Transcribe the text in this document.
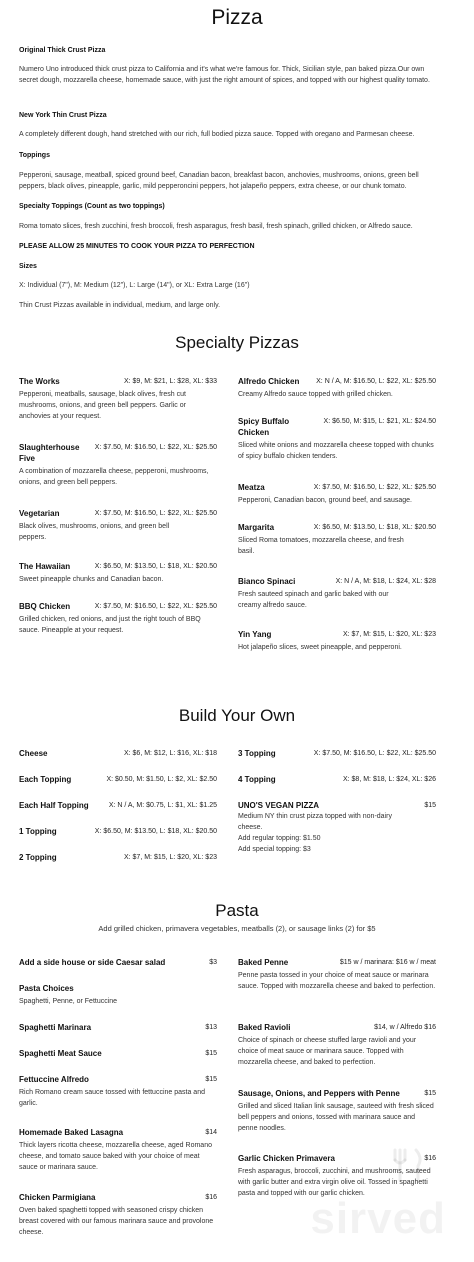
Pizza
Original Thick Crust Pizza
Numero Uno introduced thick crust pizza to California and it's what we're famous for. Thick, Sicilian style, pan baked pizza.Our own secret dough, mozzarella cheese, homemade sauce, with just the right amount of spices, and topped with our highest quality tomato.
New York Thin Crust Pizza
A completely different dough, hand stretched with our rich, full bodied pizza sauce. Topped with oregano and Parmesan cheese.
Toppings
Pepperoni, sausage, meatball, spiced ground beef, Canadian bacon, breakfast bacon, anchovies, mushrooms, onions, green bell peppers, black olives, pineapple, garlic, mild pepperoncini peppers, hot jalapeño peppers, extra cheese, or our chunk tomato.
Specialty Toppings (Count as two toppings)
Roma tomato slices, fresh zucchini, fresh broccoli, fresh asparagus, fresh basil, fresh spinach, grilled chicken, or Alfredo sauce.
PLEASE ALLOW 25 MINUTES TO COOK YOUR PIZZA TO PERFECTION
Sizes
X: Individual (7"), M: Medium (12"), L: Large (14"), or XL: Extra Large (16")
Thin Crust Pizzas available in individual, medium, and large only.
Specialty Pizzas
The Works	X: $9, M: $21, L: $28, XL: $33
Pepperoni, meatballs, sausage, black olives, fresh cut mushrooms, onions, and green bell peppers. Garlic or anchovies at your request.
Slaughterhouse Five
X: $7.50, M: $16.50, L: $22, XL: $25.50
A combination of mozzarella cheese, pepperoni, mushrooms, onions, and green bell peppers.
Vegetarian	X: $7.50, M: $16.50, L: $22, XL: $25.50
Black olives, mushrooms, onions, and green bell peppers.
The Hawaiian	X: $6.50, M: $13.50, L: $18, XL: $20.50
Sweet pineapple chunks and Canadian bacon.
BBQ Chicken	X: $7.50, M: $16.50, L: $22, XL: $25.50
Grilled chicken, red onions, and just the right touch of BBQ sauce. Pineapple at your request.
Alfredo Chicken X: N / A, M: $16.50, L: $22, XL: $25.50
Creamy Alfredo sauce topped with grilled chicken.
Spicy Buffalo Chicken
X: $6.50, M: $15, L: $21, XL: $24.50
Sliced white onions and mozzarella cheese topped with chunks of spicy buffalo chicken tenders.
Meatza	X: $7.50, M: $16.50, L: $22, XL: $25.50
Pepperoni, Canadian bacon, ground beef, and sausage.
Margarita	X: $6.50, M: $13.50, L: $18, XL: $20.50
Sliced Roma tomatoes, mozzarella cheese, and fresh basil.
Bianco Spinaci	X: N / A, M: $18, L: $24, XL: $28
Fresh sauteed spinach and garlic baked with our creamy alfredo sauce.
Yin Yang	X: $7, M: $15, L: $20, XL: $23
Hot jalapeño slices, sweet pineapple, and pepperoni.
Build Your Own
Cheese	X: $6, M: $12, L: $16, XL: $18
Each Topping	X: $0.50, M: $1.50, L: $2, XL: $2.50
Each Half Topping	X: N / A, M: $0.75, L: $1, XL: $1.25
1 Topping	X: $6.50, M: $13.50, L: $18, XL: $20.50
2 Topping	X: $7, M: $15, L: $20, XL: $23
3 Topping	X: $7.50, M: $16.50, L: $22, XL: $25.50
4 Topping	X: $8, M: $18, L: $24, XL: $26
UNO'S VEGAN PIZZA	$15
Medium NY thin crust pizza topped with non-dairy cheese.
Add regular topping: $1.50
Add special topping: $3
Pasta
Add grilled chicken, primavera vegetables, meatballs (2), or sausage links (2) for $5
Add a side house or side Caesar salad	$3
Pasta Choices
Spaghetti, Penne, or Fettuccine
Spaghetti Marinara	$13
Spaghetti Meat Sauce	$15
Fettuccine Alfredo	$15
Rich Romano cream sauce tossed with fettuccine pasta and garlic.
Homemade Baked Lasagna	$14
Thick layers ricotta cheese, mozzarella cheese, aged Romano cheese, and tomato sauce baked with your choice of meat sauce or marinara sauce.
Chicken Parmigiana	$16
Oven baked spaghetti topped with seasoned crispy chicken breast covered with our famous marinara sauce and provolone cheese.
Baked Penne	$15 w / marinara: $16 w / meat
Penne pasta tossed in your choice of meat sauce or marinara sauce. Topped with mozzarella cheese and baked to perfection.
Baked Ravioli	$14, w / Alfredo $16
Choice of spinach or cheese stuffed large ravioli and your choice of meat sauce or marinara sauce. Topped with mozzarella cheese, and baked to perfection.
Sausage, Onions, and Peppers with Penne	$15
Grilled and sliced Italian link sausage, sauteed with fresh sliced bell peppers and onions, tossed with marinara sauce and penne noodles.
Garlic Chicken Primavera	$16
Fresh asparagus, broccoli, zucchini, and mushrooms, sauteed with garlic butter and extra virgin olive oil. Tossed in spaghetti pasta and topped with our garlic chicken.
sirved
